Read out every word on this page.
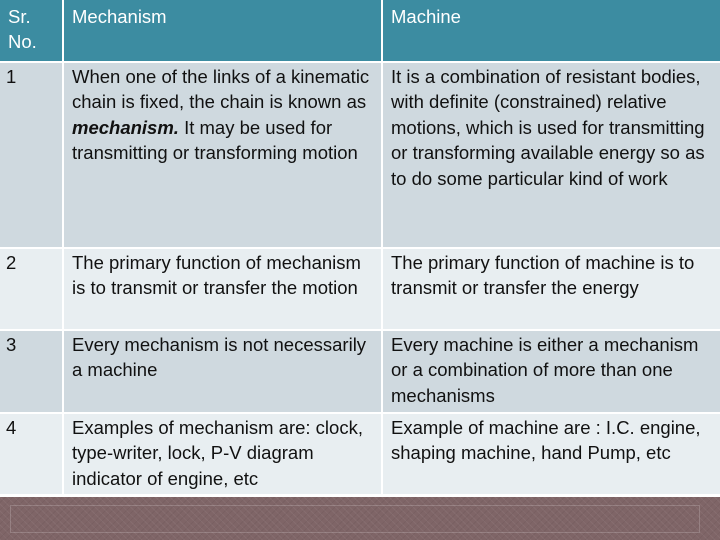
Sr. No.	Mechanism	Machine
1	When one of the links of a kinematic chain is fixed, the chain is known as mechanism. It may be used for transmitting or transforming motion	It is a combination of resistant bodies, with definite (constrained) relative motions, which is used for transmitting or transforming available energy so as to do some particular kind of work
2	The primary function of mechanism is to transmit or transfer the motion	The primary function of machine is to transmit or transfer the energy
3	Every mechanism is not necessarily a machine	Every machine is either a mechanism or a combination of more than one mechanisms
4	Examples of mechanism are: clock, type-writer, lock, P-V diagram indicator of engine, etc	Example of machine are : I.C. engine, shaping machine, hand Pump, etc
